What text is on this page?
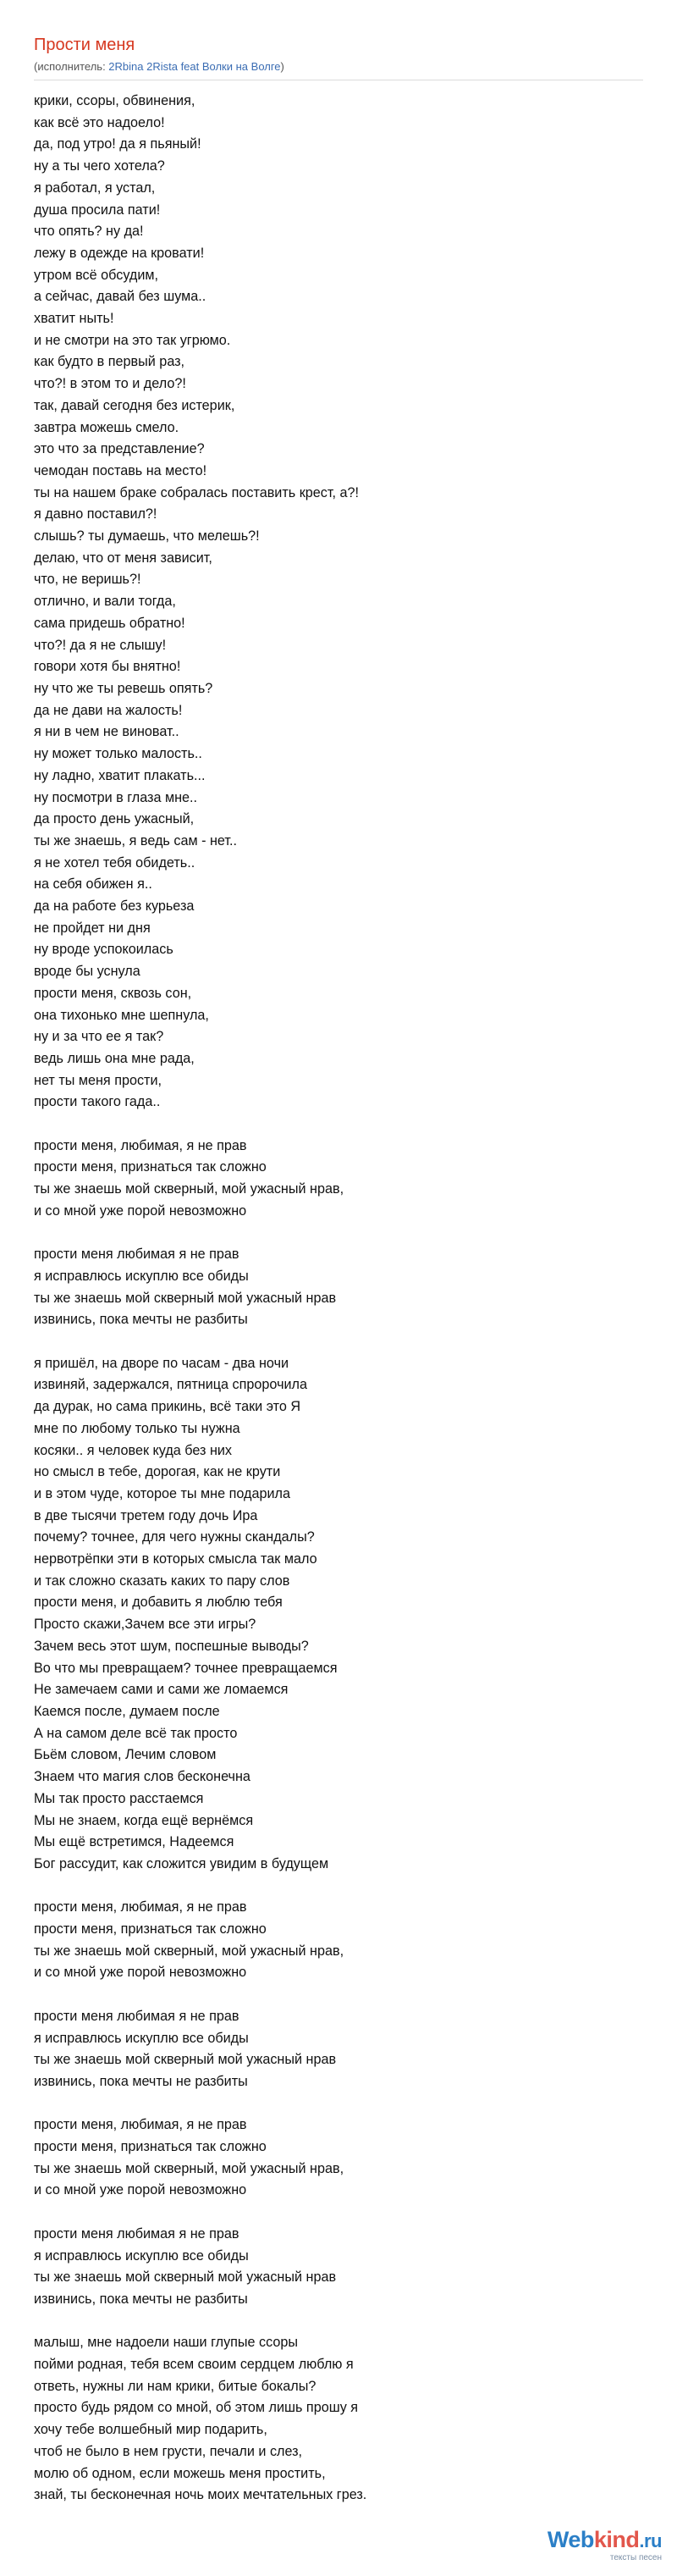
Прости меня
(исполнитель: 2Rbina 2Rista feat Волки на Волге)
крики, ссоры, обвинения,
как всё это надоело!
да, под утро! да я пьяный!
ну а ты чего хотела?
я работал, я устал,
душа просила пати!
что опять? ну да!
лежу в одежде на кровати!
утром всё обсудим,
а сейчас, давай без шума..
хватит ныть!
и не смотри на это так угрюмо.
как будто в первый раз,
что?! в этом то и дело?!
так, давай сегодня без истерик,
завтра можешь смело.
это что за представление?
чемодан поставь на место!
ты на нашем браке собралась поставить крест, а?!
я давно поставил?!
слышь? ты думаешь, что мелешь?!
делаю, что от меня зависит,
что, не веришь?!
отлично, и вали тогда,
сама придешь обратно!
что?! да я не слышу!
говори хотя бы внятно!
ну что же ты ревешь опять?
да не дави на жалость!
я ни в чем не виноват..
ну может только малость..
ну ладно, хватит плакать...
ну посмотри в глаза мне..
да просто день ужасный,
ты же знаешь, я ведь сам - нет..
я не хотел тебя обидеть..
на себя обижен я..
да на работе без курьеза
не пройдет ни дня
ну вроде успокоилась
вроде бы уснула
прости меня, сквозь сон,
она тихонько мне шепнула,
ну и за что ее я так?
ведь лишь она мне рада,
нет ты меня прости,
прости такого гада..
прости меня, любимая, я не прав
прости меня, признаться так сложно
ты же знаешь мой скверный, мой ужасный нрав,
и со мной уже порой невозможно
прости меня любимая я не прав
я исправлюсь искуплю все обиды
ты же знаешь мой скверный мой ужасный нрав
извинись, пока мечты не разбиты
я пришёл, на дворе по часам - два ночи
извиняй, задержался, пятница спророчила
да дурак, но сама прикинь, всё таки это Я
мне по любому только ты нужна
косяки.. я человек куда без них
но смысл в тебе, дорогая, как не крути
и в этом чуде, которое ты мне подарила
в две тысячи третем году дочь Ира
почему? точнее, для чего нужны скандалы?
нервотрёпки эти в которых смысла так мало
и так сложно сказать каких то пару слов
прости меня, и добавить я люблю тебя
Просто скажи,Зачем все эти игры?
Зачем весь этот шум, поспешные выводы?
Во что мы превращаем? точнее превращаемся
Не замечаем сами и сами же ломаемся
Каемся после, думаем после
А на самом деле всё так просто
Бьём словом, Лечим словом
Знаем что магия слов бесконечна
Мы так просто расстаемся
Мы не знаем, когда ещё вернёмся
Мы ещё встретимся, Надеемся
Бог рассудит, как сложится увидим в будущем
прости меня, любимая, я не прав
прости меня, признаться так сложно
ты же знаешь мой скверный, мой ужасный нрав,
и со мной уже порой невозможно
прости меня любимая я не прав
я исправлюсь искуплю все обиды
ты же знаешь мой скверный мой ужасный нрав
извинись, пока мечты не разбиты
прости меня, любимая, я не прав
прости меня, признаться так сложно
ты же знаешь мой скверный, мой ужасный нрав,
и со мной уже порой невозможно
прости меня любимая я не прав
я исправлюсь искуплю все обиды
ты же знаешь мой скверный мой ужасный нрав
извинись, пока мечты не разбиты
малыш, мне надоели наши глупые ссоры
пойми родная, тебя всем своим сердцем люблю я
ответь, нужны ли нам крики, битые бокалы?
просто будь рядом со мной, об этом лишь прошу я
хочу тебе волшебный мир подарить,
чтоб не было в нем грусти, печали и слез,
молю об одном, если можешь меня простить,
знай, ты бесконечная ночь моих мечтательных грез.
Webkind.ru
тексты песен
